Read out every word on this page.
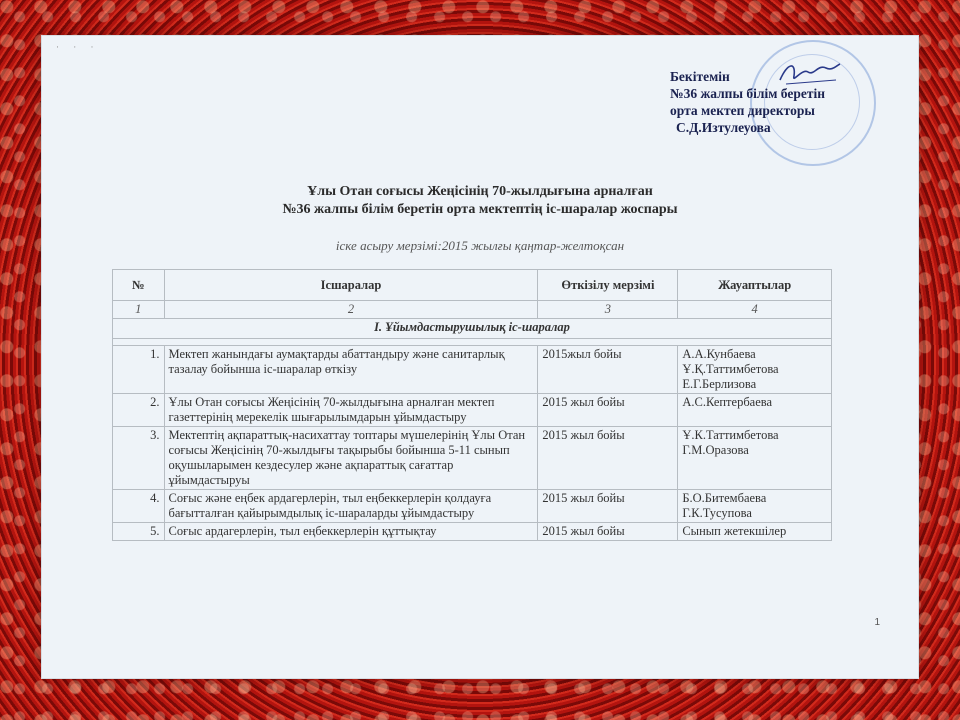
· · ·
Бекітемін
№36 жалпы білім беретін
орта мектеп директоры
С.Д.Изтулеуова
Ұлы Отан соғысы Жеңісінің 70-жылдығына арналған
№36 жалпы білім беретін орта мектептің іс-шаралар жоспары
іске асыру мерзімі:2015 жылғы қаңтар-желтоқсан
№	Ісшаралар	Өткізілу мерзімі	Жауаптылар
1	2	3	4
І. Ұйымдастырушылық іс-шаралар			

1.	Мектеп жанындағы аумақтарды абаттандыру және санитарлық тазалау бойынша іс-шаралар өткізу	2015жыл бойы	А.А.Кунбаева
Ұ.Қ.Таттимбетова
Е.Г.Берлизова

2.	Ұлы Отан соғысы Жеңісінің 70-жылдығына арналған мектеп газеттерінің мерекелік шығарылымдарын ұйымдастыру	2015 жыл бойы	А.С.Кептербаева

3.	Мектептің ақпараттық-насихаттау топтары мүшелерінің Ұлы Отан соғысы Жеңісінің 70-жылдығы тақырыбы бойынша 5-11 сынып оқушыларымен кездесулер және ақпараттық сағаттар ұйымдастыруы	2015 жыл бойы	Ұ.К.Таттимбетова
Г.М.Оразова

4.	Соғыс және еңбек ардагерлерін, тыл еңбеккерлерін қолдауға бағытталған қайырымдылық іс-шараларды ұйымдастыру	2015 жыл бойы	Б.О.Битембаева
Г.К.Тусупова

5.	Соғыс ардагерлерін, тыл еңбеккерлерін құттықтау	2015 жыл бойы	Сынып жетекшілер
1
